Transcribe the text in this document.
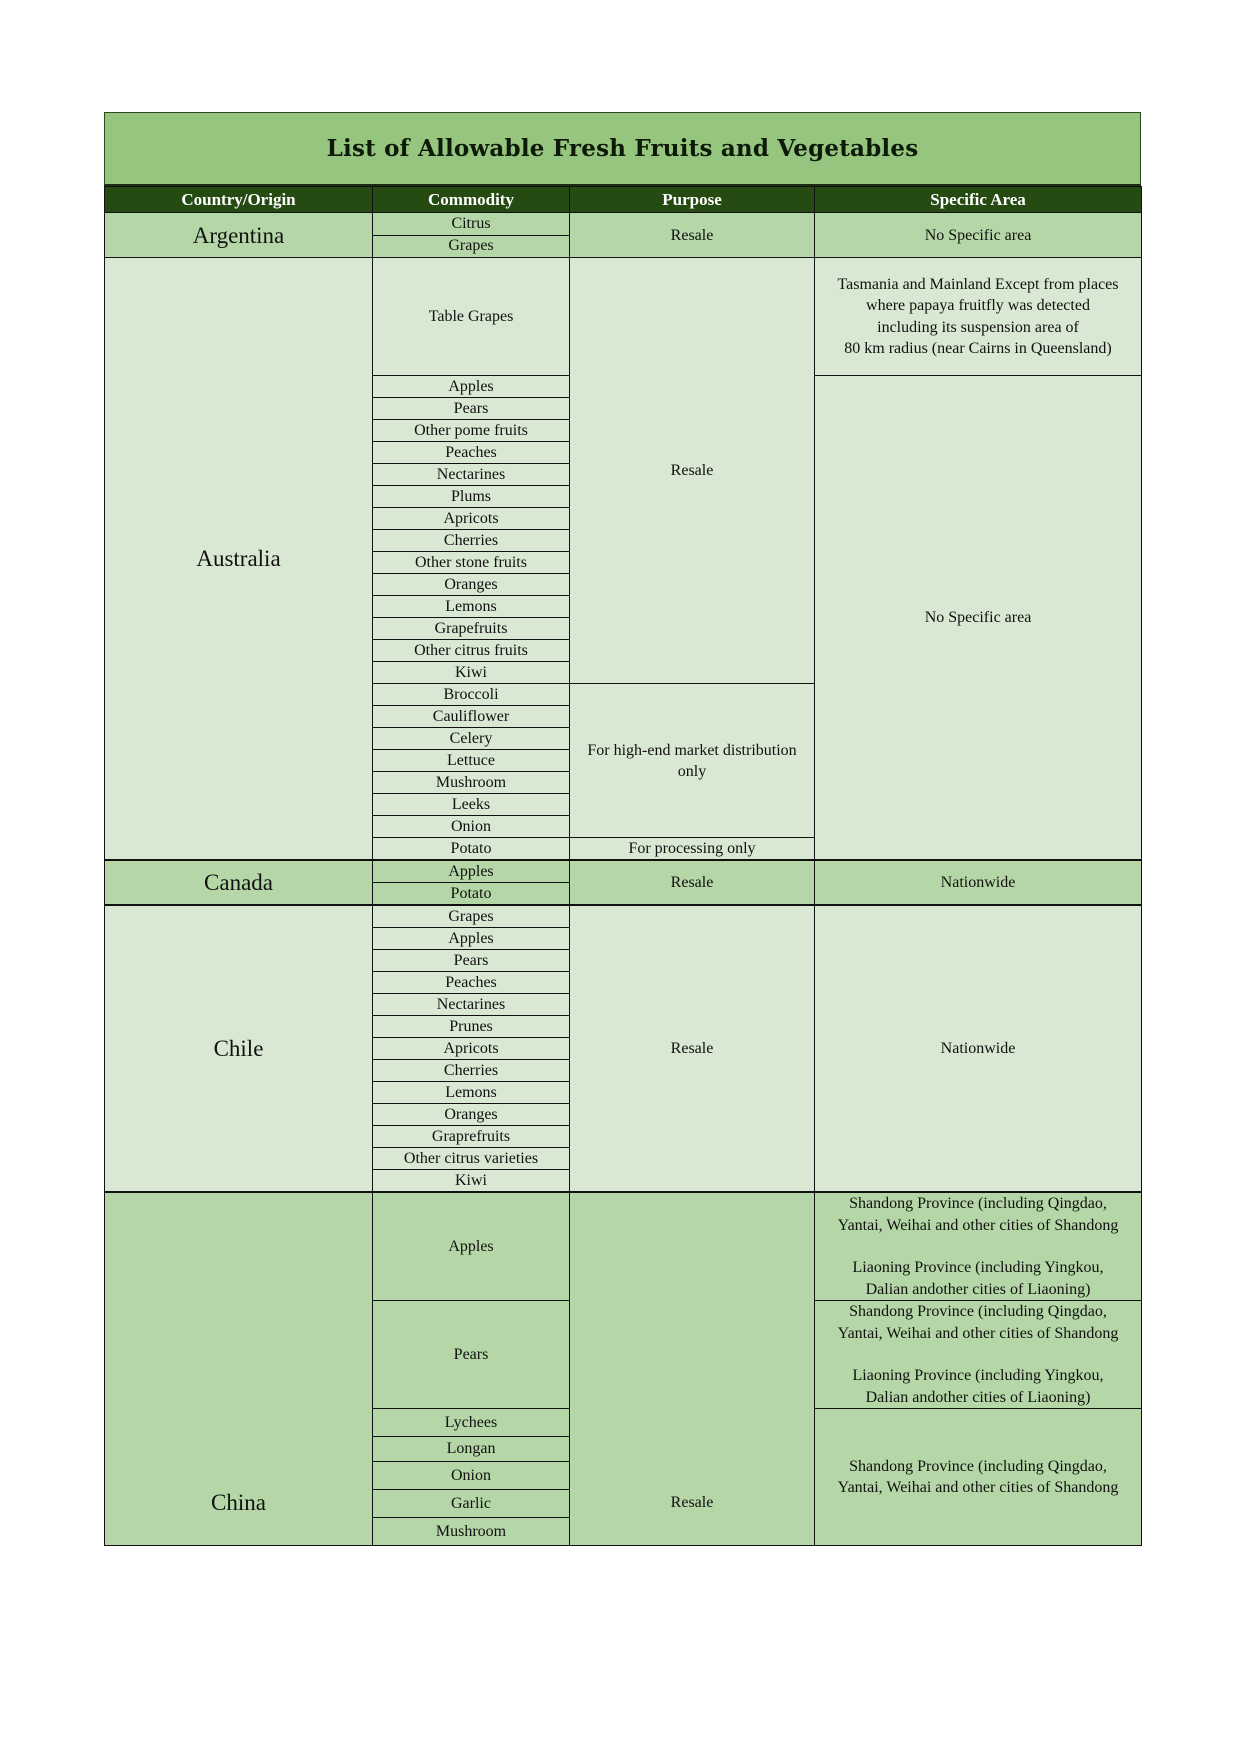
List of Allowable Fresh Fruits and Vegetables
Country/Origin	Commodity	Purpose	Specific Area
Argentina	Citrus	Resale	No Specific area
	Grapes		
Australia	Table Grapes	Resale	Tasmania and Mainland Except from places
where papaya fruitfly was detected
including its suspension area of
80 km radius (near Cairns in Queensland)

	Apples		No Specific area
	Pears		
	Other pome fruits		
	Peaches		
	Nectarines		
	Plums		
	Apricots		
	Cherries		
	Other stone fruits		
	Oranges		
	Lemons		
	Grapefruits		
	Other citrus fruits		
	Kiwi		
	Broccoli	For high-end market distribution only	
	Cauliflower		
	Celery		
	Lettuce		
	Mushroom		
	Leeks		
	Onion		
	Potato	For processing only	
Canada	Apples	Resale	Nationwide
	Potato		
Chile	Grapes	Resale	Nationwide
	Apples		
	Pears		
	Peaches		
	Nectarines		
	Prunes		
	Apricots		
	Cherries		
	Lemons		
	Oranges		
	Graprefruits		
	Other citrus varieties		
	Kiwi		
China	Apples	Resale	Shandong Province (including Qingdao,
Yantai, Weihai and other cities of Shandong
Liaoning Province (including Yingkou,
Dalian andother cities of Liaoning)

	Pears		Shandong Province (including Qingdao,
Yantai, Weihai and other cities of Shandong
Liaoning Province (including Yingkou,
Dalian andother cities of Liaoning)

	Lychees		Shandong Province (including Qingdao,
Yantai, Weihai and other cities of Shandong

	Longan		
	Onion		
	Garlic		
	Mushroom		
